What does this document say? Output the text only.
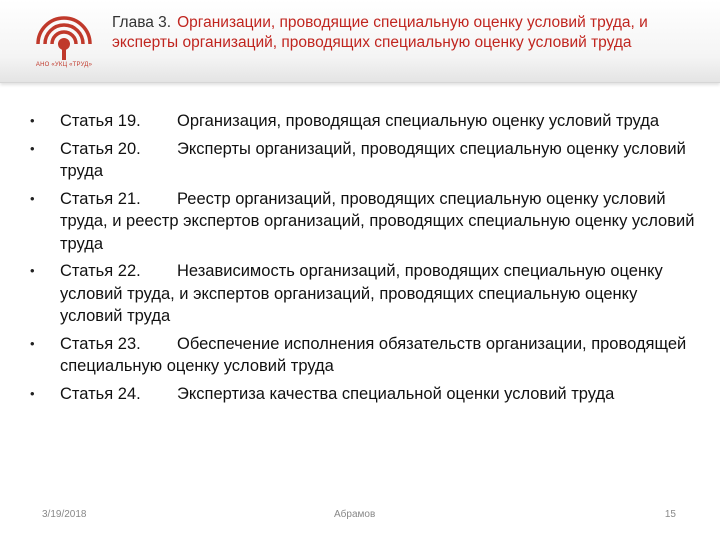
АНО «УКЦ «ТРУД»
Глава 3. Организации, проводящие специальную оценку условий труда, и эксперты организаций, проводящих специальную оценку условий труда
•	Статья 19. Организация, проводящая специальную оценку условий труда
•	Статья 20. Эксперты организаций, проводящих специальную оценку условий труда
•	Статья 21. Реестр организаций, проводящих специальную оценку условий труда, и реестр экспертов организаций, проводящих специальную оценку условий труда
•	Статья 22. Независимость организаций, проводящих специальную оценку условий труда, и экспертов организаций, проводящих специальную оценку условий труда
•	Статья 23. Обеспечение исполнения обязательств организации, проводящей специальную оценку условий труда
•	Статья 24. Экспертиза качества специальной оценки условий труда
3/19/2018	Абрамов	15
